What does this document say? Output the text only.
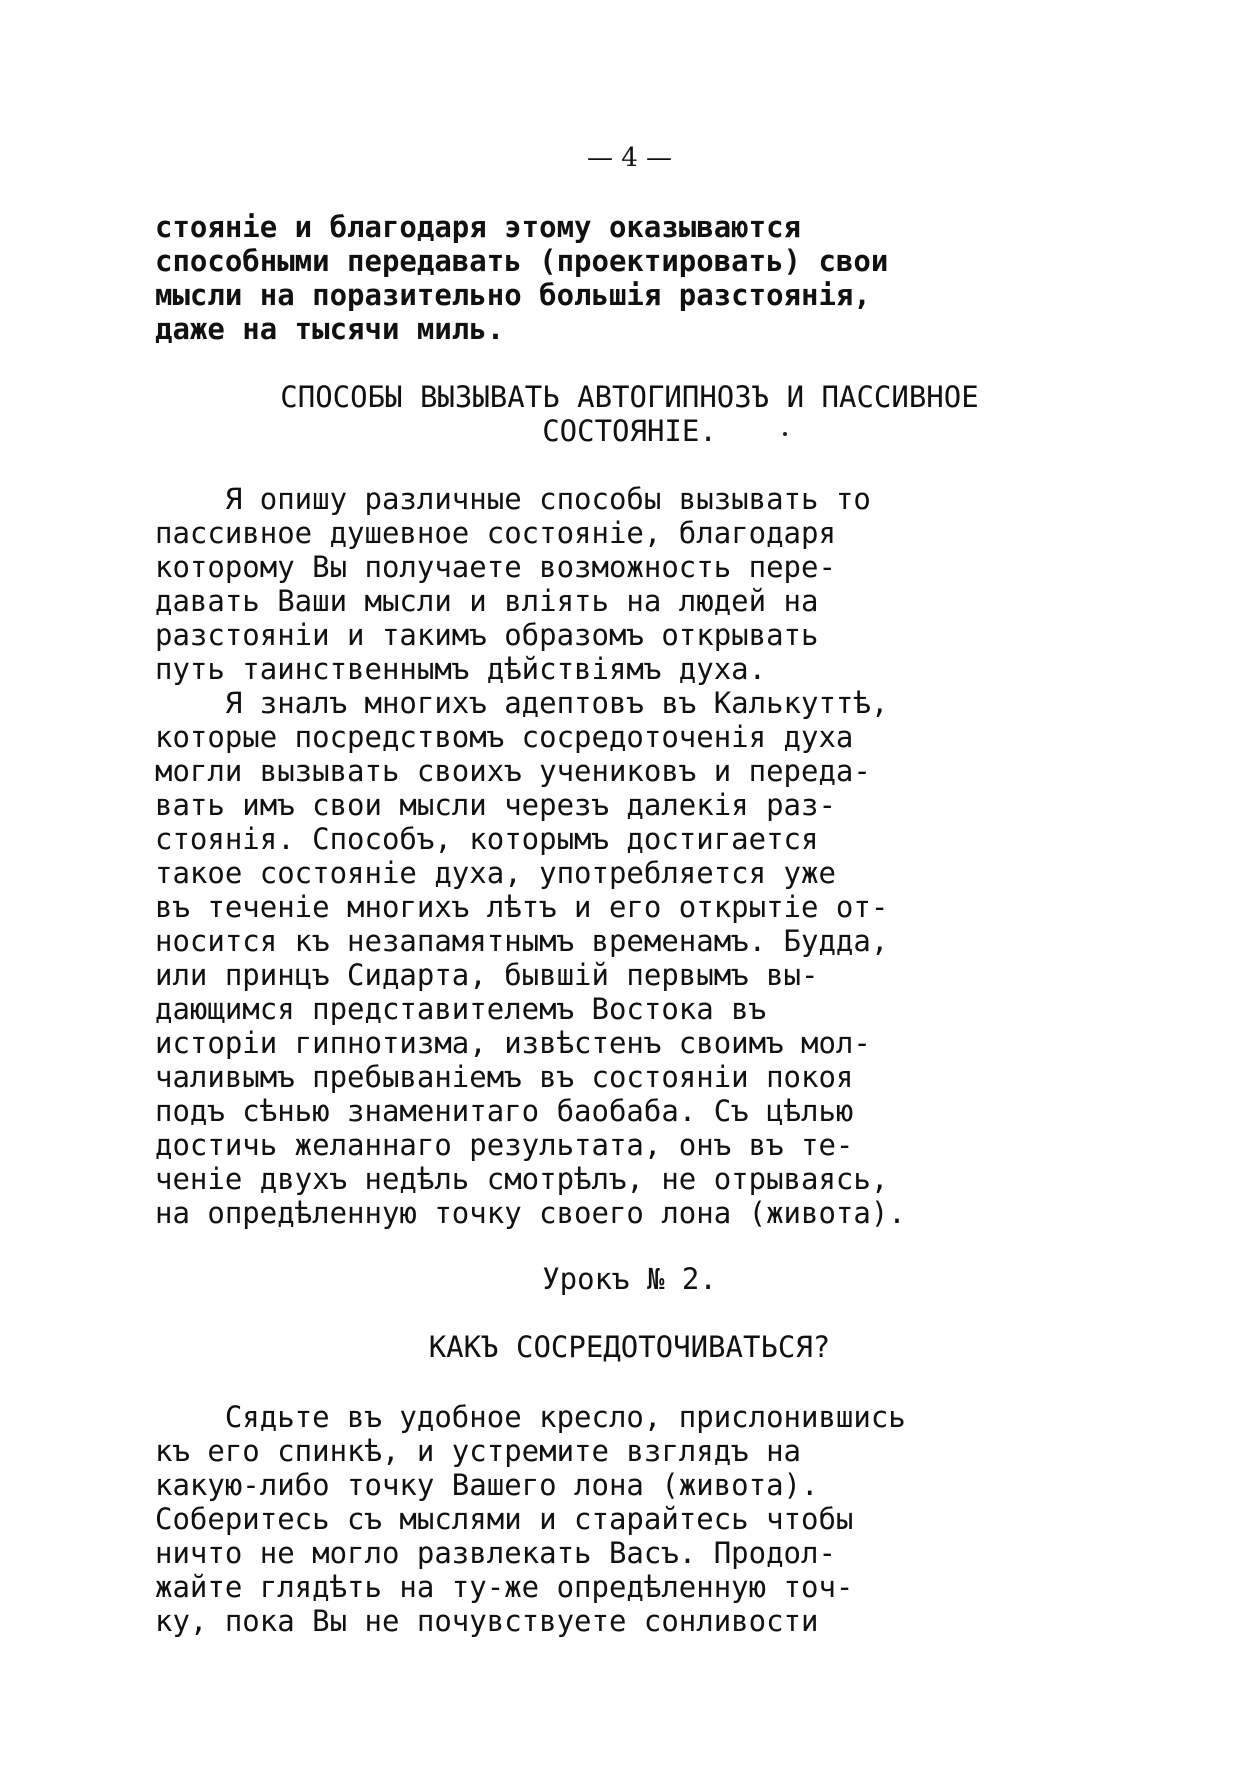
— 4 —
стоянiе и благодаря этому оказываются
способными передавать (проектировать) свои
мысли на поразительно большiя разстоянiя,
даже на тысячи миль.
СПОСОБЫ ВЫЗЫВАТЬ АВТОГИПНОЗЪ И ПАССИВНОЕ
СОСТОЯНIЕ.
Я опишу различные способы вызывать то
пассивное душевное состоянiе, благодаря
которому Вы получаете возможность пере-
давать Ваши мысли и влiять на людей на
разстоянiи и такимъ образомъ открывать
путь таинственнымъ дѣйствiямъ духа.
Я зналъ многихъ адептовъ въ Калькуттѣ,
которые посредствомъ сосредоточенiя духа
могли вызывать своихъ учениковъ и переда-
вать имъ свои мысли черезъ далекiя раз-
стоянiя. Способъ, которымъ достигается
такое состоянiе духа, употребляется уже
въ теченiе многихъ лѣтъ и его открытiе от-
носится къ незапамятнымъ временамъ. Будда,
или принцъ Сидарта, бывшiй первымъ вы-
дающимся представителемъ Востока въ
исторiи гипнотизма, извѣстенъ своимъ мол-
чаливымъ пребыванiемъ въ состоянiи покоя
подъ сѣнью знаменитаго баобаба. Съ цѣлью
достичь желаннаго результата, онъ въ те-
ченiе двухъ недѣль смотрѣлъ, не отрываясь,
на опредѣленную точку своего лона (живота).
Урокъ № 2.
КАКЪ СОСРЕДОТОЧИВАТЬСЯ?
Сядьте въ удобное кресло, прислонившись
къ его спинкѣ, и устремите взглядъ на
какую-либо точку Вашего лона (живота).
Соберитесь съ мыслями и старайтесь чтобы
ничто не могло развлекать Васъ. Продол-
жайте глядѣть на ту-же опредѣленную точ-
ку, пока Вы не почувствуете сонливости
